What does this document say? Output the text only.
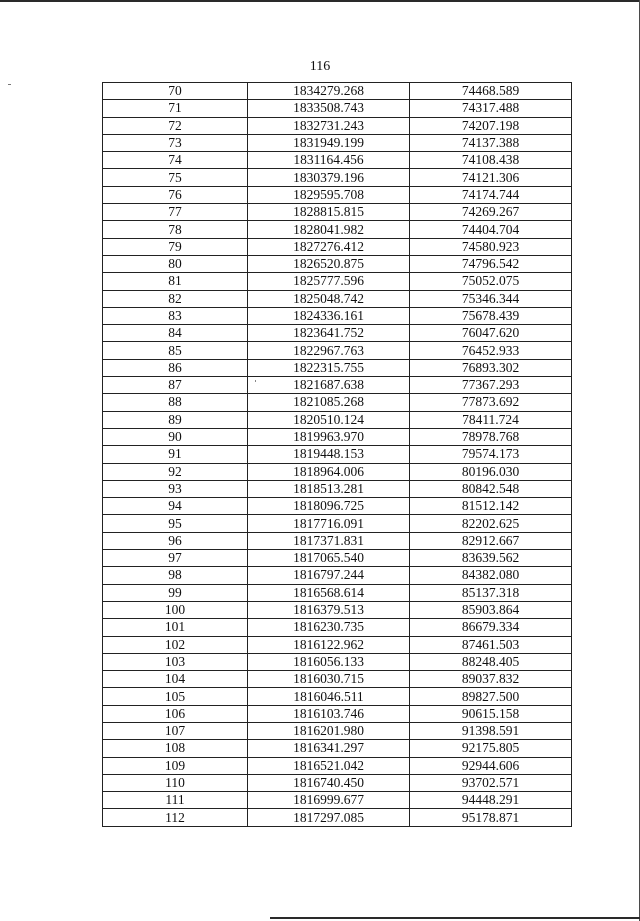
116
70	1834279.268	74468.589
71	1833508.743	74317.488
72	1832731.243	74207.198
73	1831949.199	74137.388
74	1831164.456	74108.438
75	1830379.196	74121.306
76	1829595.708	74174.744
77	1828815.815	74269.267
78	1828041.982	74404.704
79	1827276.412	74580.923
80	1826520.875	74796.542
81	1825777.596	75052.075
82	1825048.742	75346.344
83	1824336.161	75678.439
84	1823641.752	76047.620
85	1822967.763	76452.933
86	1822315.755	76893.302
87	1821687.638	77367.293
88	1821085.268	77873.692
89	1820510.124	78411.724
90	1819963.970	78978.768
91	1819448.153	79574.173
92	1818964.006	80196.030
93	1818513.281	80842.548
94	1818096.725	81512.142
95	1817716.091	82202.625
96	1817371.831	82912.667
97	1817065.540	83639.562
98	1816797.244	84382.080
99	1816568.614	85137.318
100	1816379.513	85903.864
101	1816230.735	86679.334
102	1816122.962	87461.503
103	1816056.133	88248.405
104	1816030.715	89037.832
105	1816046.511	89827.500
106	1816103.746	90615.158
107	1816201.980	91398.591
108	1816341.297	92175.805
109	1816521.042	92944.606
110	1816740.450	93702.571
111	1816999.677	94448.291
112	1817297.085	95178.871
